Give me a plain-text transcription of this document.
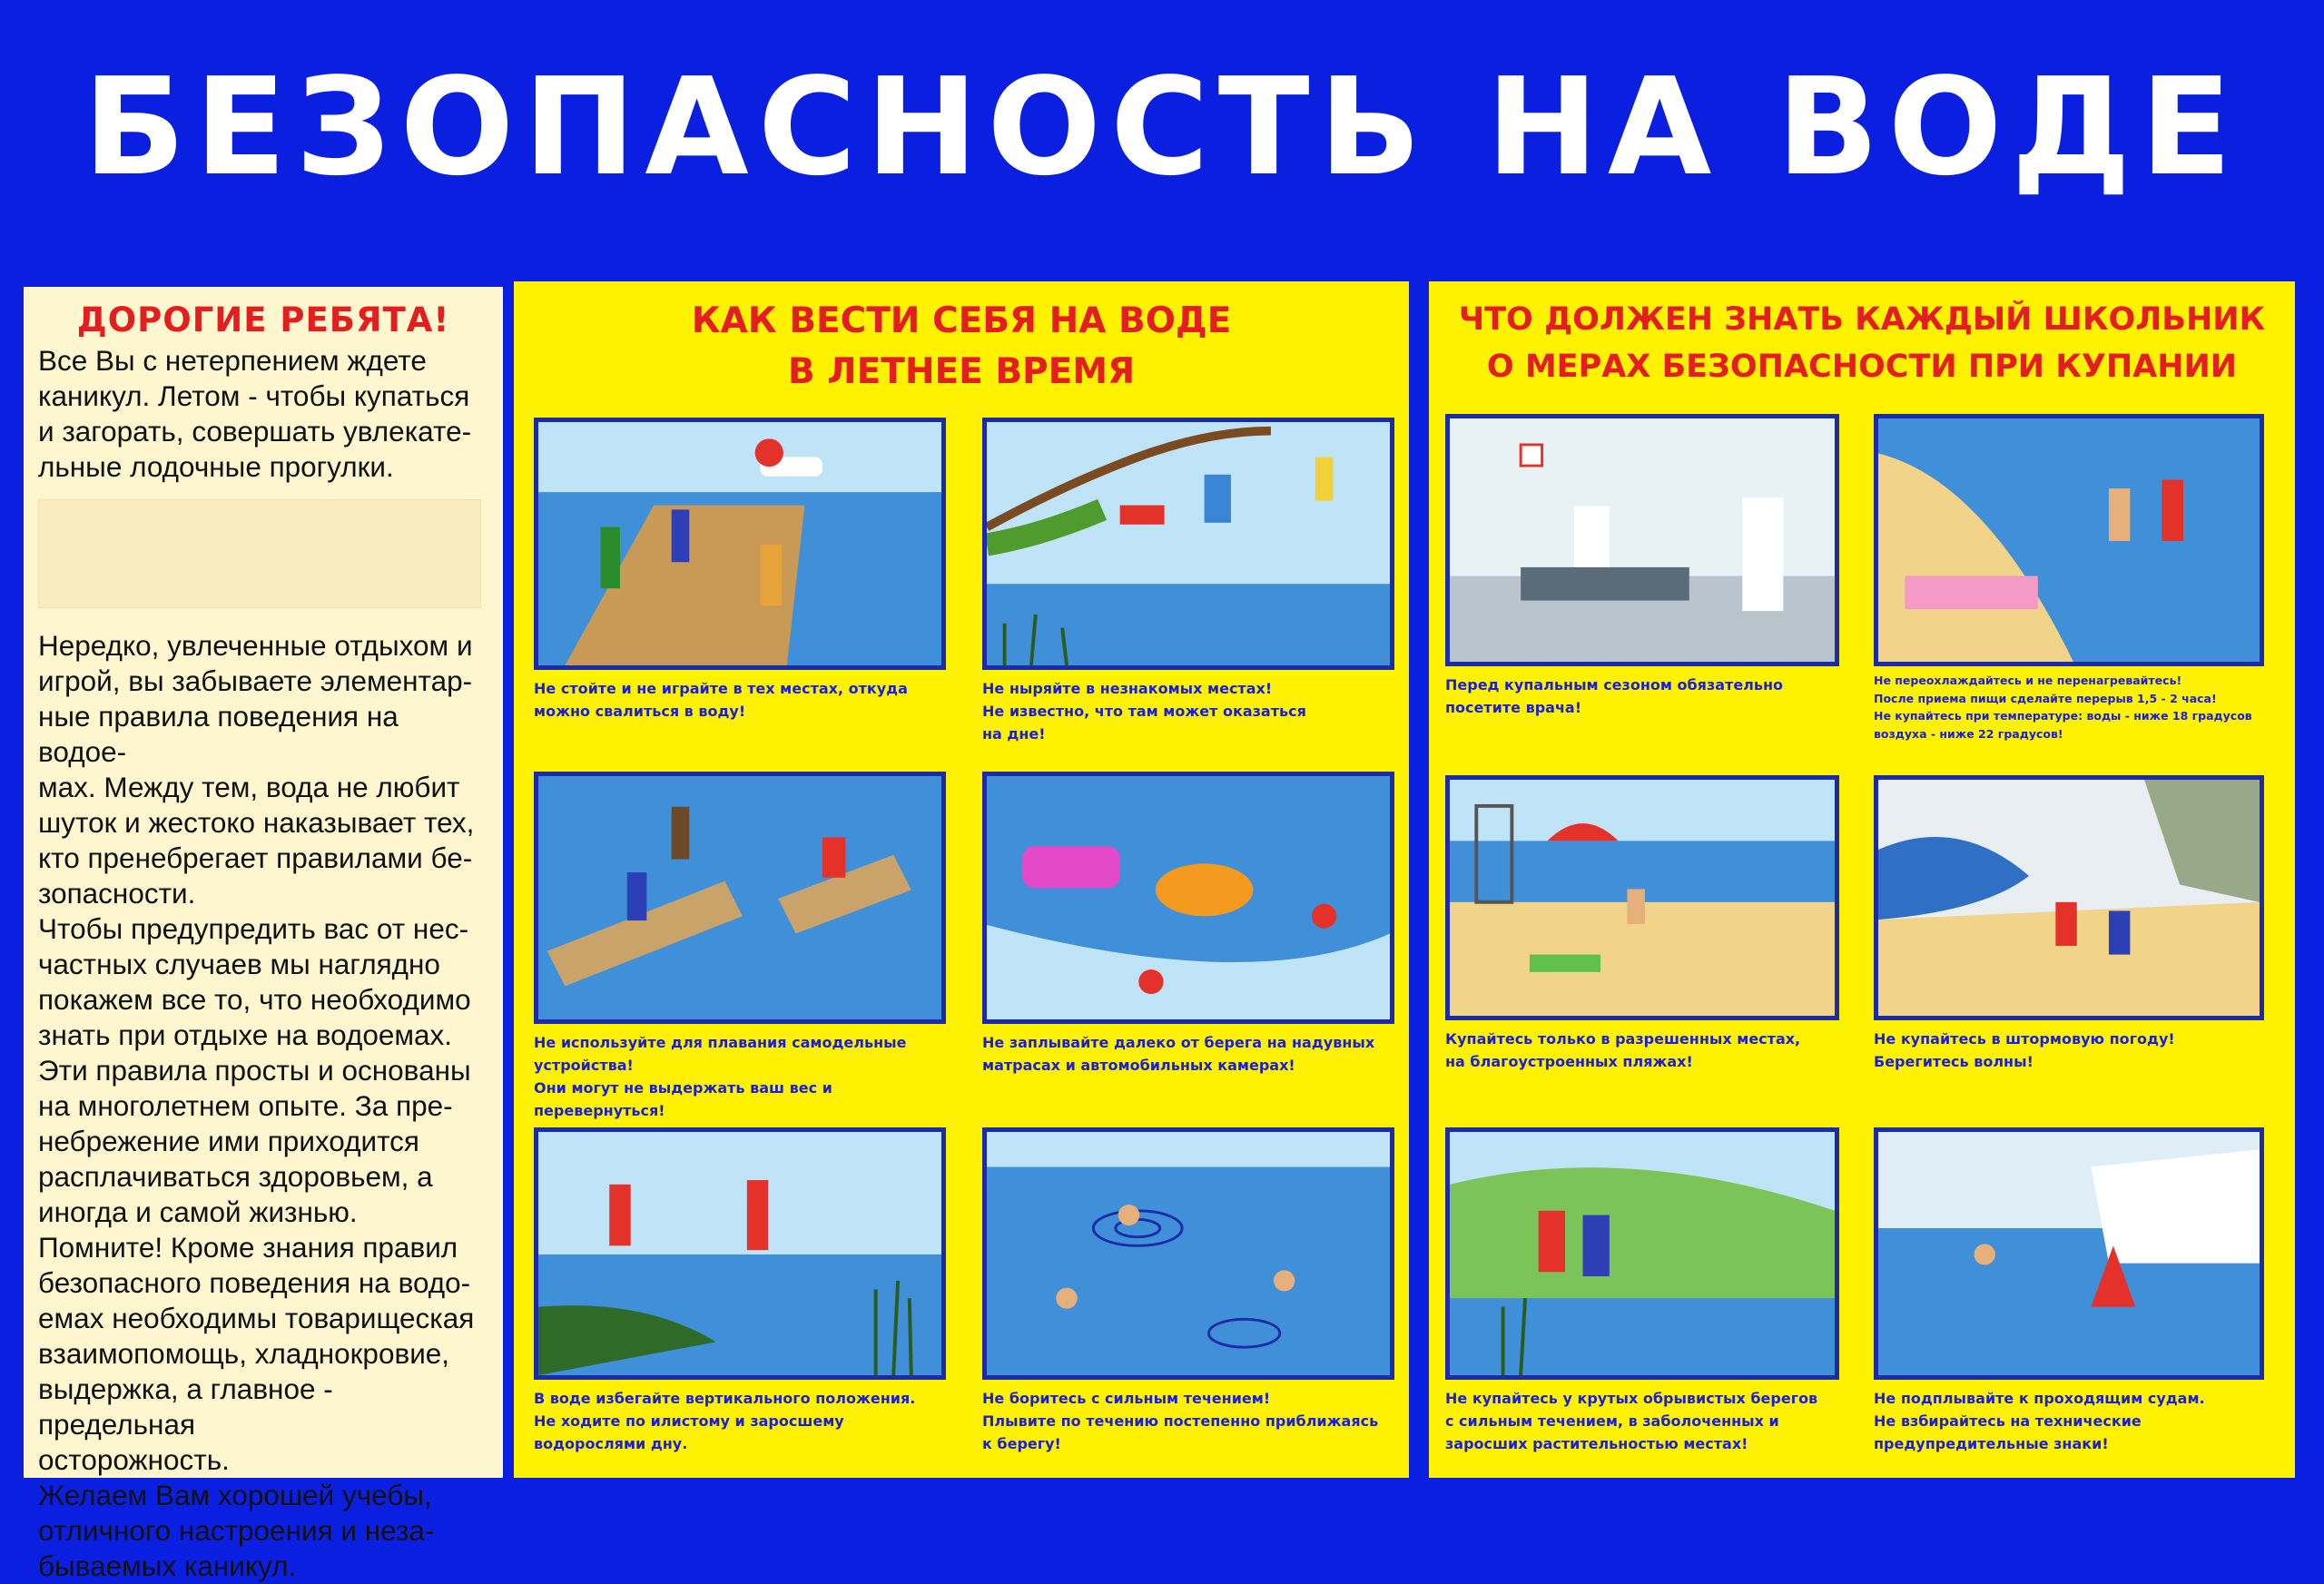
БЕЗОПАСНОСТЬ НА ВОДЕ
ДОРОГИЕ РЕБЯТА!

Все Вы с нетерпением ждете
каникул. Летом - чтобы купаться
и загорать, совершать увлекате-
льные лодочные прогулки.

Нередко, увлеченные отдыхом и
игрой, вы забываете элементар-
ные правила поведения на водое-
мах. Между тем, вода не любит
шуток и жестоко наказывает тех,
кто пренебрегает правилами бе-
зопасности.
Чтобы предупредить вас от нес-
частных случаев мы наглядно
покажем все то, что необходимо
знать при отдыхе на водоемах.
Эти правила просты и основаны
на многолетнем опыте. За пре-
небрежение ими приходится
расплачиваться здоровьем, а
иногда и самой жизнью.
Помните! Кроме знания правил
безопасного поведения на водо-
емах необходимы товарищеская
взаимопомощь, хладнокровие,
выдержка, а главное - предельная
осторожность.
Желаем Вам хорошей учебы,
отличного настроения и неза-
бываемых каникул.

КАК ВЕСТИ СЕБЯ НА ВОДЕ
В ЛЕТНЕЕ ВРЕМЯ
Не стойте и не играйте в тех местах, откуда
можно свалиться в воду!
Не ныряйте в незнакомых местах!
Не известно, что там может оказаться
на дне!
Не используйте для плавания самодельные
устройства!
Они могут не выдержать ваш вес и
перевернуться!
Не заплывайте далеко от берега на надувных
матрасах и автомобильных камерах!
В воде избегайте вертикального положения.
Не ходите по илистому и заросшему
водорослями дну.
Не боритесь с сильным течением!
Плывите по течению постепенно приближаясь
к берегу!
ЧТО ДОЛЖЕН ЗНАТЬ КАЖДЫЙ ШКОЛЬНИК
О МЕРАХ БЕЗОПАСНОСТИ ПРИ КУПАНИИ
Перед купальным сезоном обязательно
посетите врача!
Не переохлаждайтесь и не перенагревайтесь!
После приема пищи сделайте перерыв 1,5 - 2 часа!
Не купайтесь при температуре: воды - ниже 18 градусов
воздуха - ниже 22 градусов!
Купайтесь только в разрешенных местах,
на благоустроенных пляжах!
Не купайтесь в штормовую погоду!
Берегитесь волны!
Не купайтесь у крутых обрывистых берегов
с сильным течением, в заболоченных и
заросших растительностью местах!
Не подплывайте к проходящим судам.
Не взбирайтесь на технические
предупредительные знаки!
